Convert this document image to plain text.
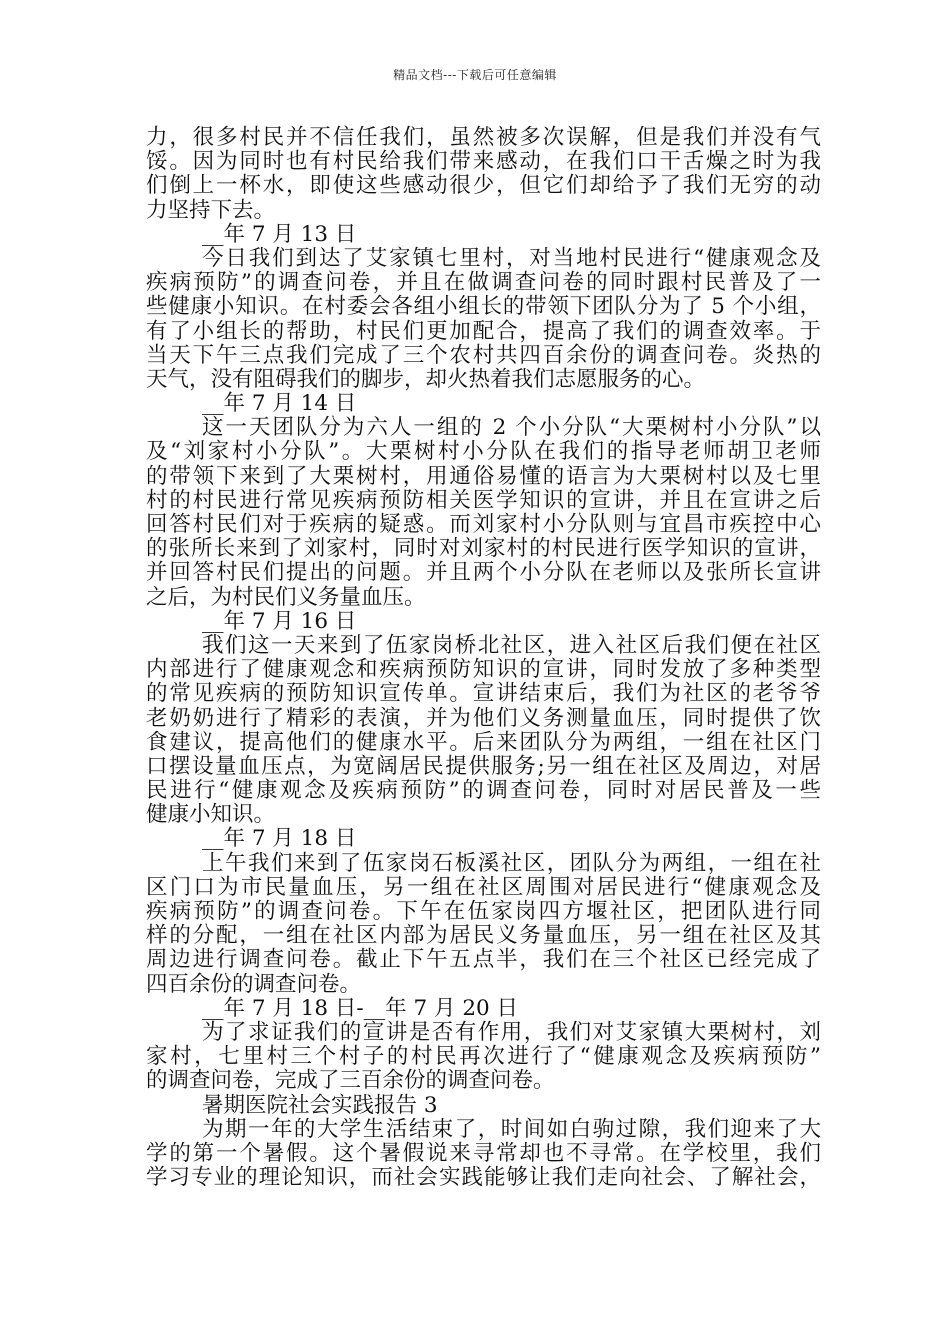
精品文档---下载后可任意编辑
力，很多村民并不信任我们，虽然被多次误解，但是我们并没有气
馁。因为同时也有村民给我们带来感动，在我们口干舌燥之时为我
们倒上一杯水，即使这些感动很少，但它们却给予了我们无穷的动
力坚持下去。
__年 7 月 13 日
今日我们到达了艾家镇七里村，对当地村民进行“健康观念及
疾病预防”的调查问卷，并且在做调查问卷的同时跟村民普及了一
些健康小知识。在村委会各组小组长的带领下团队分为了 5 个小组，
有了小组长的帮助，村民们更加配合，提高了我们的调查效率。于
当天下午三点我们完成了三个农村共四百余份的调查问卷。炎热的
天气，没有阻碍我们的脚步，却火热着我们志愿服务的心。
__年 7 月 14 日
这一天团队分为六人一组的 2 个小分队“大栗树村小分队”以
及“刘家村小分队”。大栗树村小分队在我们的指导老师胡卫老师
的带领下来到了大栗树村，用通俗易懂的语言为大栗树村以及七里
村的村民进行常见疾病预防相关医学知识的宣讲，并且在宣讲之后
回答村民们对于疾病的疑惑。而刘家村小分队则与宜昌市疾控中心
的张所长来到了刘家村，同时对刘家村的村民进行医学知识的宣讲，
并回答村民们提出的问题。并且两个小分队在老师以及张所长宣讲
之后，为村民们义务量血压。
__年 7 月 16 日
我们这一天来到了伍家岗桥北社区，进入社区后我们便在社区
内部进行了健康观念和疾病预防知识的宣讲，同时发放了多种类型
的常见疾病的预防知识宣传单。宣讲结束后，我们为社区的老爷爷
老奶奶进行了精彩的表演，并为他们义务测量血压，同时提供了饮
食建议，提高他们的健康水平。后来团队分为两组，一组在社区门
口摆设量血压点，为宽阔居民提供服务;另一组在社区及周边，对居
民进行“健康观念及疾病预防”的调查问卷，同时对居民普及一些
健康小知识。
__年 7 月 18 日
上午我们来到了伍家岗石板溪社区，团队分为两组，一组在社
区门口为市民量血压，另一组在社区周围对居民进行“健康观念及
疾病预防”的调查问卷。下午在伍家岗四方堰社区，把团队进行同
样的分配，一组在社区内部为居民义务量血压，另一组在社区及其
周边进行调查问卷。截止下午五点半，我们在三个社区已经完成了
四百余份的调查问卷。
__年 7 月 18 日-__年 7 月 20 日
为了求证我们的宣讲是否有作用，我们对艾家镇大栗树村，刘
家村，七里村三个村子的村民再次进行了“健康观念及疾病预防”
的调查问卷，完成了三百余份的调查问卷。
暑期医院社会实践报告 3
为期一年的大学生活结束了，时间如白驹过隙，我们迎来了大
学的第一个暑假。这个暑假说来寻常却也不寻常。在学校里，我们
学习专业的理论知识，而社会实践能够让我们走向社会、了解社会，
